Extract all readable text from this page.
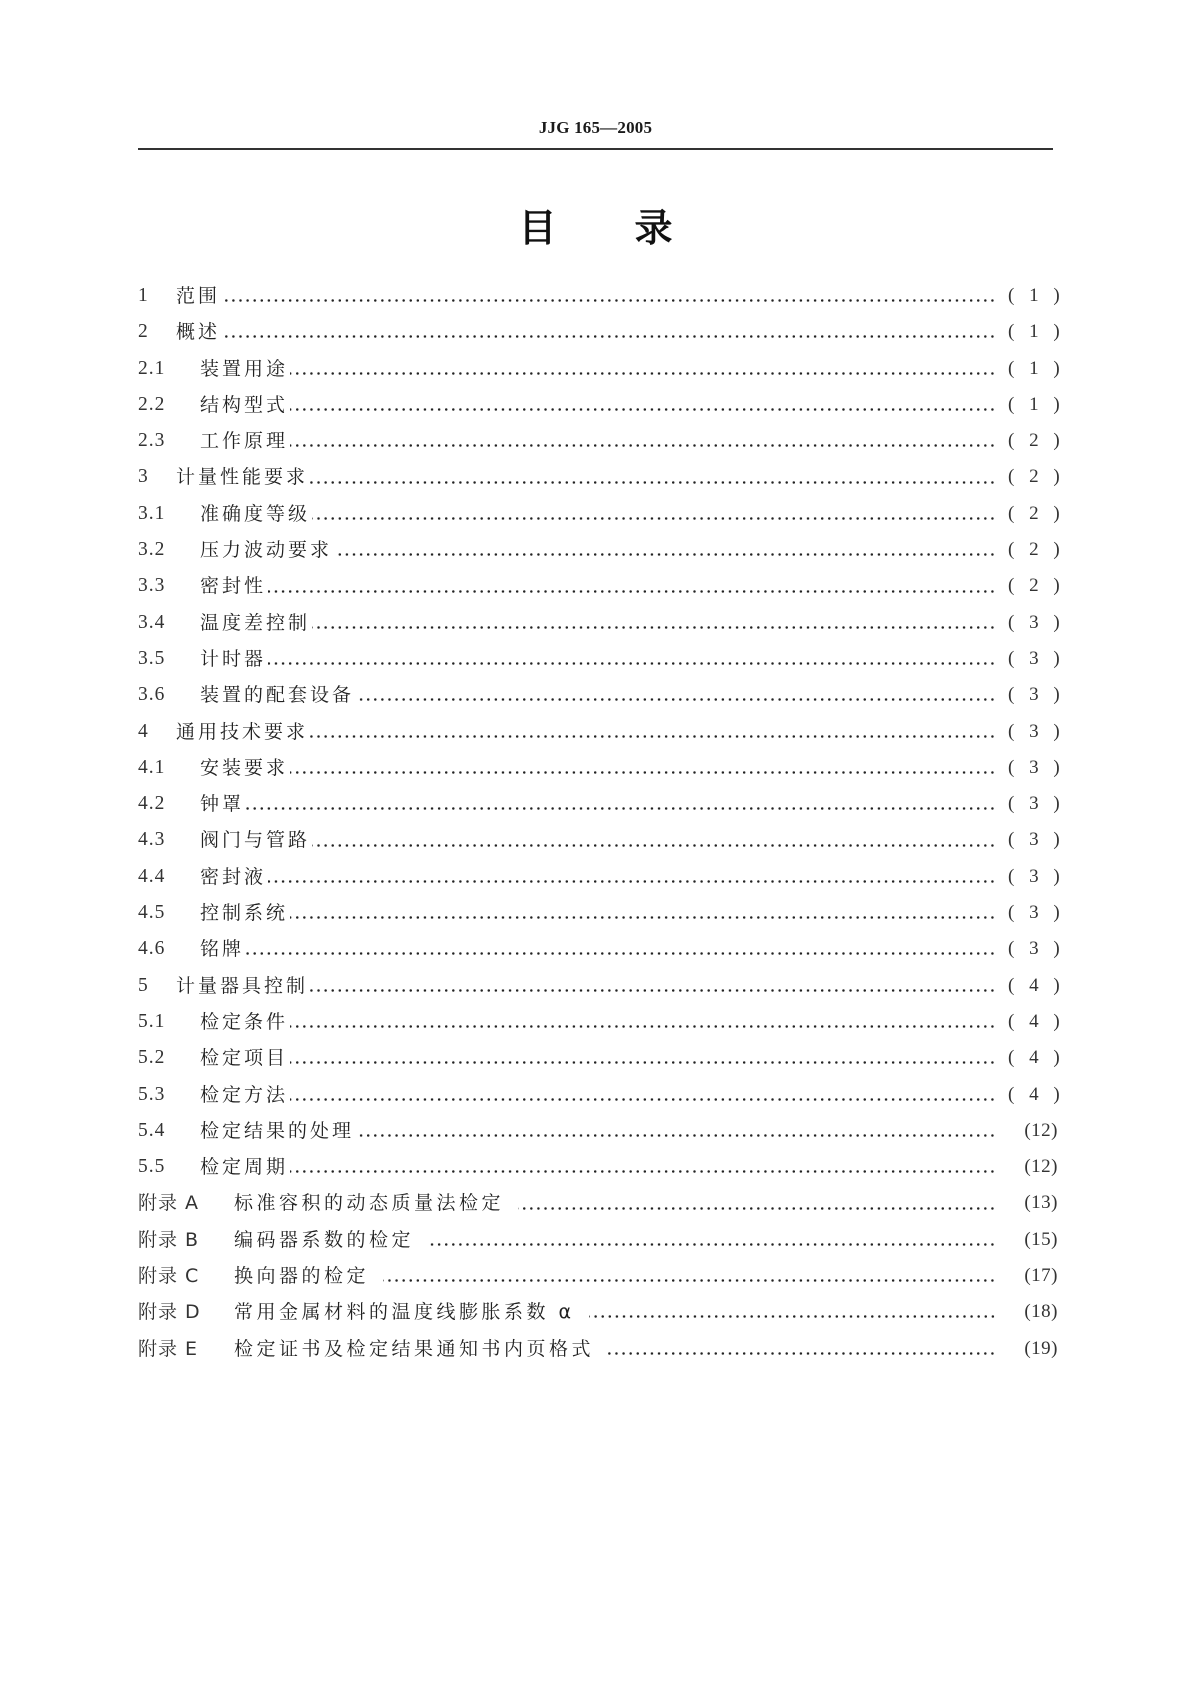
JJG 165—2005
目 录
1	范围	( 1 )
2	概述	( 1 )
2.1	装置用途	( 1 )
2.2	结构型式	( 1 )
2.3	工作原理	( 2 )
3	计量性能要求	( 2 )
3.1	准确度等级	( 2 )
3.2	压力波动要求	( 2 )
3.3	密封性	( 2 )
3.4	温度差控制	( 3 )
3.5	计时器	( 3 )
3.6	装置的配套设备	( 3 )
4	通用技术要求	( 3 )
4.1	安装要求	( 3 )
4.2	钟罩	( 3 )
4.3	阀门与管路	( 3 )
4.4	密封液	( 3 )
4.5	控制系统	( 3 )
4.6	铭牌	( 3 )
5	计量器具控制	( 4 )
5.1	检定条件	( 4 )
5.2	检定项目	( 4 )
5.3	检定方法	( 4 )
5.4	检定结果的处理	(12)
5.5	检定周期	(12)
附录 A	标准容积的动态质量法检定	(13)
附录 B	编码器系数的检定	(15)
附录 C	换向器的检定	(17)
附录 D	常用金属材料的温度线膨胀系数 α	(18)
附录 E	检定证书及检定结果通知书内页格式	(19)
